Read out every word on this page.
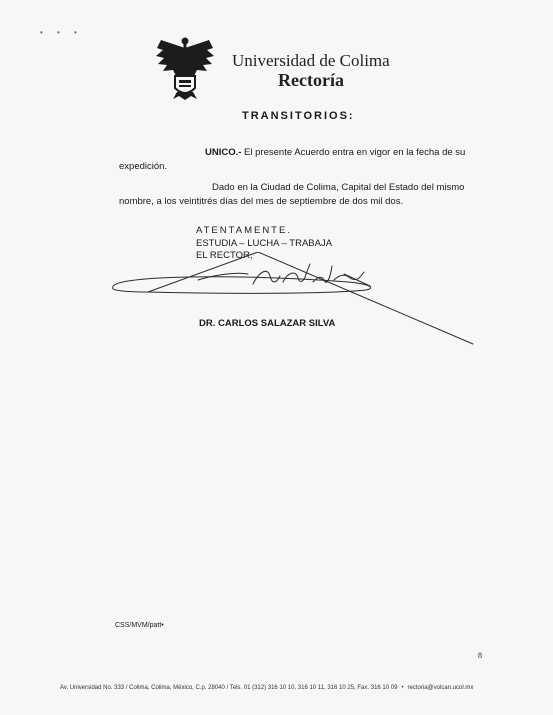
• • •
Universidad de Colima
Rectoría
TRANSITORIOS:
UNICO.- El presente Acuerdo entra en vigor en la fecha de su
expedición.
Dado en la Ciudad de Colima, Capital del Estado del mismo
nombre, a los veintitrés días del mes de septiembre de dos mil dos.
ATENTAMENTE.
ESTUDIA – LUCHA – TRABAJA
EL RECTOR,
DR. CARLOS SALAZAR SILVA
CSS/MVM/patt•
8
Av. Universidad No. 333 / Colima, Colima, México, C.p. 28040 / Tels. 01 (312) 316 10 10, 316 10 11, 316 10 25, Fax. 316 10 09 • rectoria@volcan.ucol.mx
